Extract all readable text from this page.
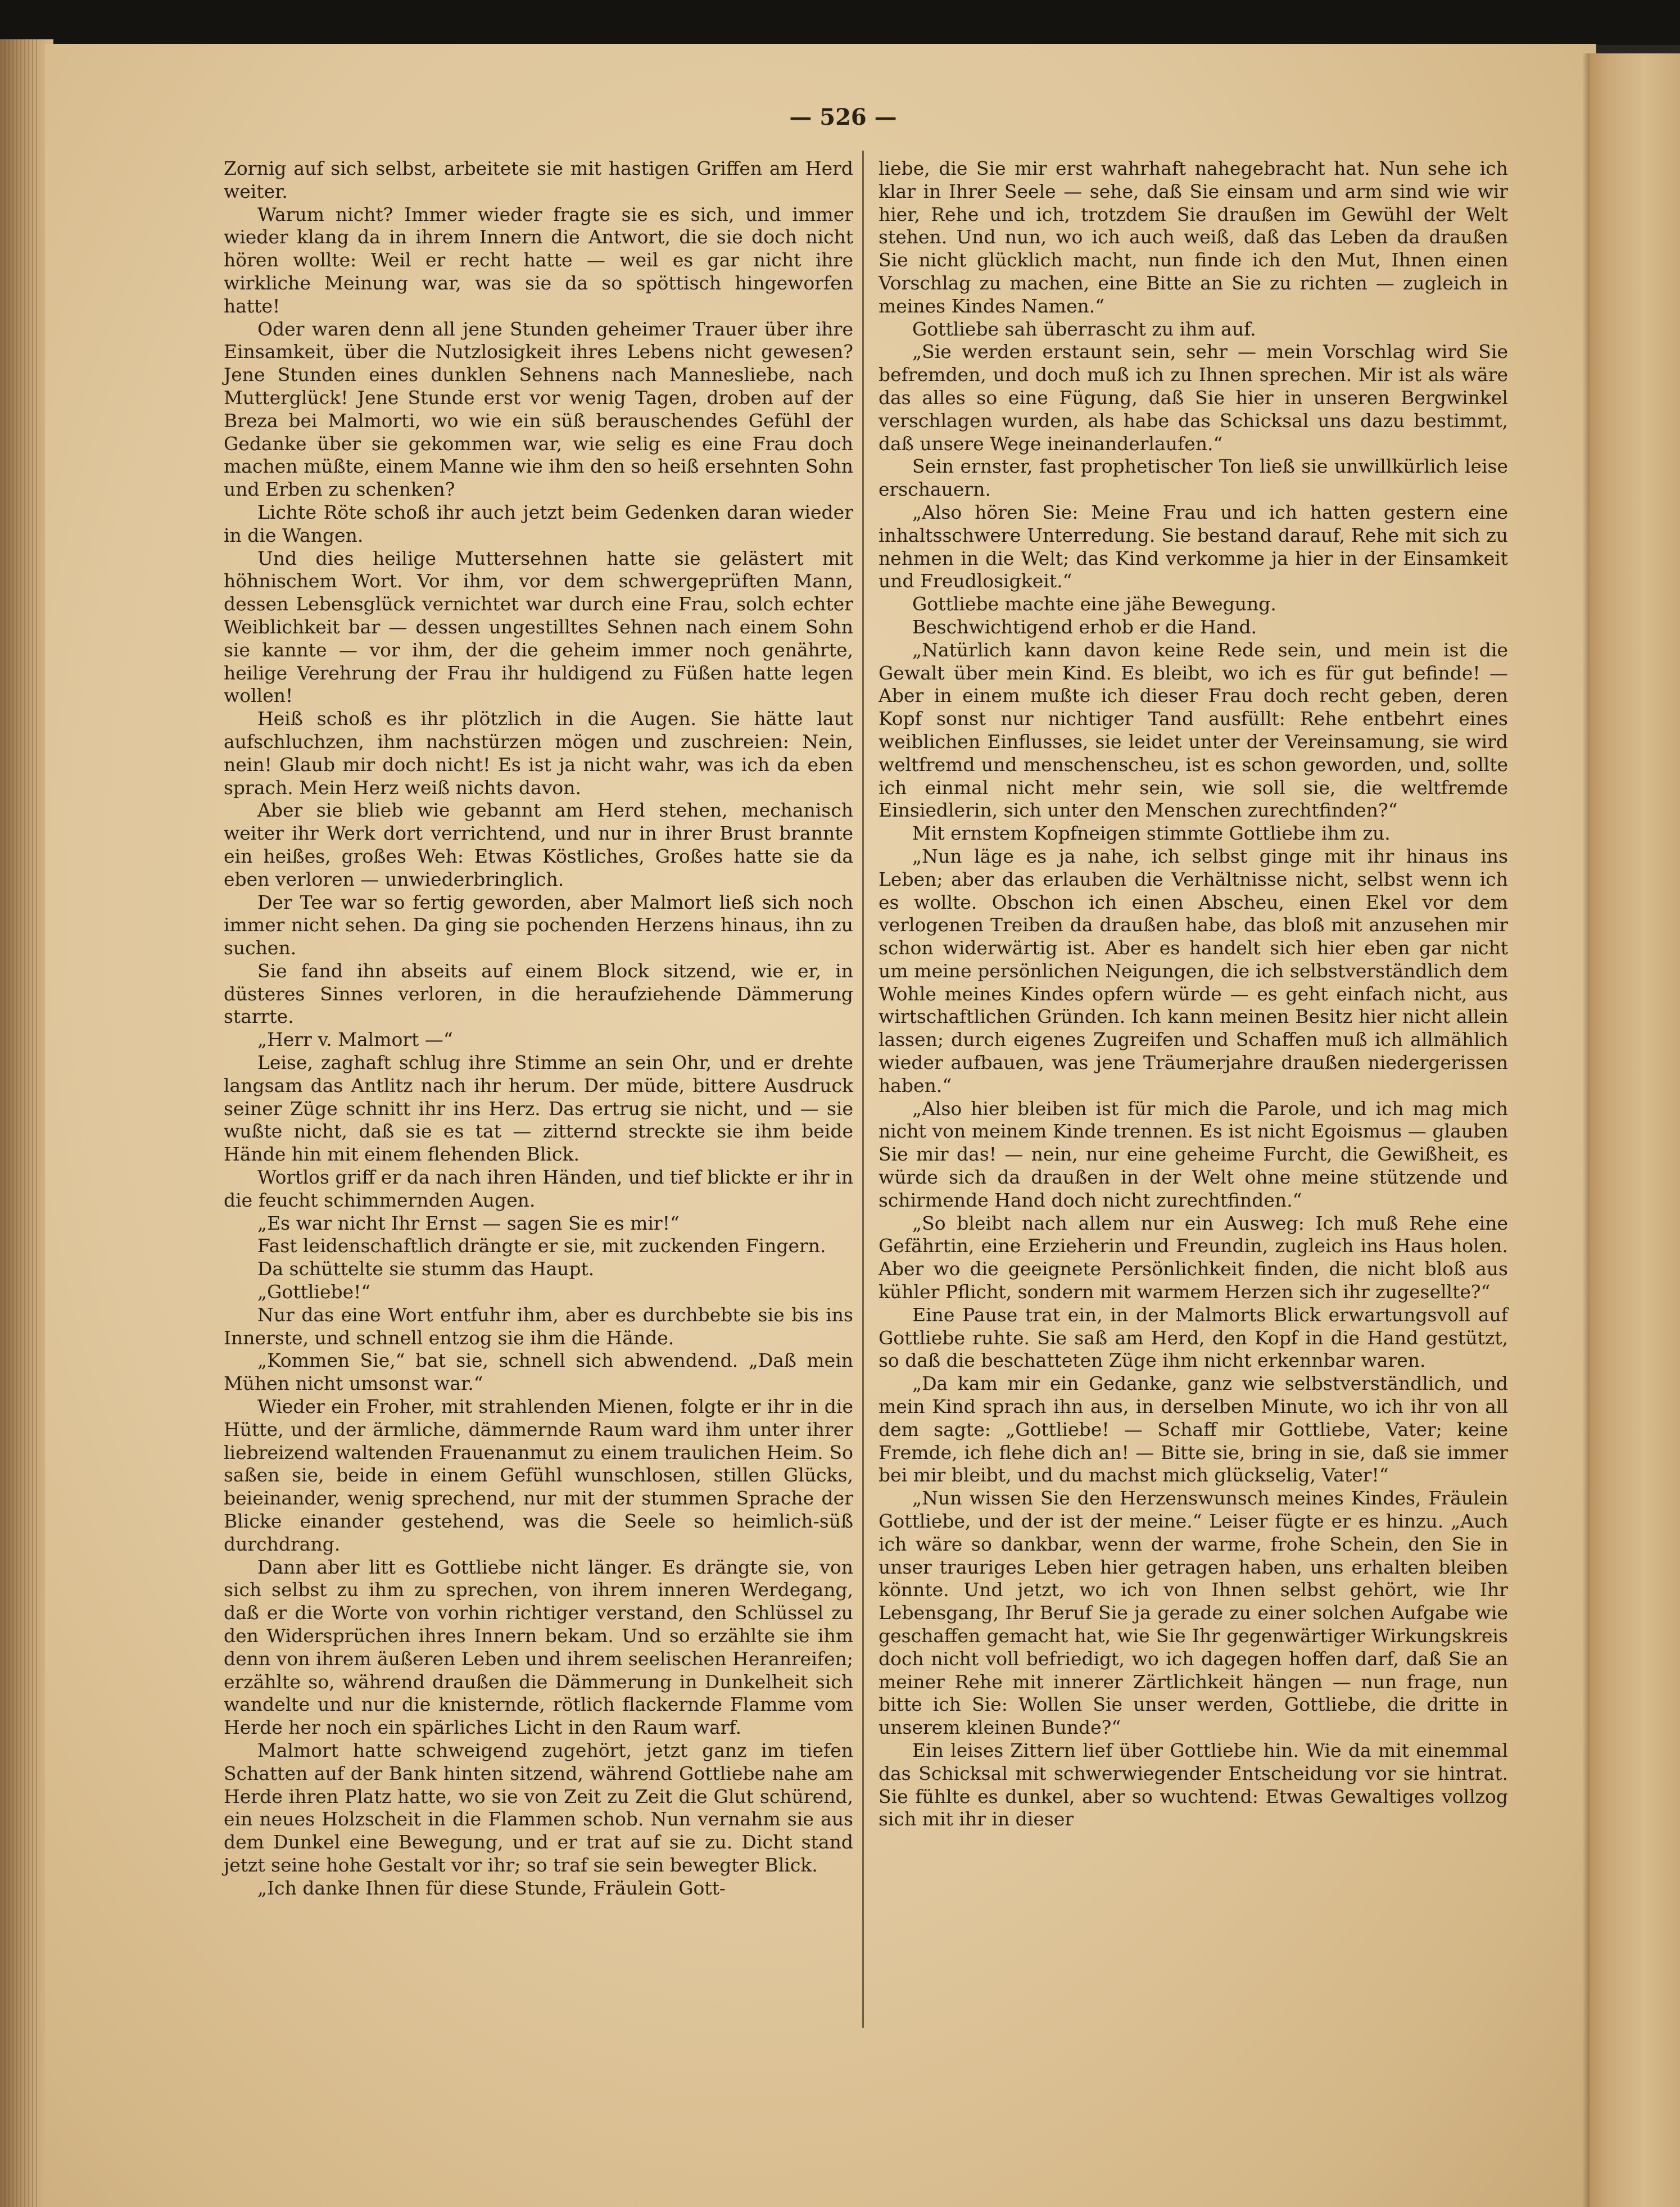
— 526 —

Zornig auf sich selbst, arbeitete sie mit hastigen Griffen am Herd weiter.

Warum nicht? Immer wieder fragte sie es sich, und immer wieder klang da in ihrem Innern die Antwort, die sie doch nicht hören wollte: Weil er recht hatte — weil es gar nicht ihre wirkliche Meinung war, was sie da so spöttisch hingeworfen hatte!

Oder waren denn all jene Stunden geheimer Trauer über ihre Einsamkeit, über die Nutzlosigkeit ihres Lebens nicht gewesen? Jene Stunden eines dunklen Sehnens nach Mannesliebe, nach Mutterglück! Jene Stunde erst vor wenig Tagen, droben auf der Breza bei Malmorti, wo wie ein süß berauschendes Gefühl der Gedanke über sie gekommen war, wie selig es eine Frau doch machen müßte, einem Manne wie ihm den so heiß ersehnten Sohn und Erben zu schenken?

Lichte Röte schoß ihr auch jetzt beim Gedenken daran wieder in die Wangen.

Und dies heilige Muttersehnen hatte sie gelästert mit höhnischem Wort. Vor ihm, vor dem schwergeprüften Mann, dessen Lebensglück vernichtet war durch eine Frau, solch echter Weiblichkeit bar — dessen ungestilltes Sehnen nach einem Sohn sie kannte — vor ihm, der die geheim immer noch genährte, heilige Verehrung der Frau ihr huldigend zu Füßen hatte legen wollen!

Heiß schoß es ihr plötzlich in die Augen. Sie hätte laut aufschluchzen, ihm nachstürzen mögen und zuschreien: Nein, nein! Glaub mir doch nicht! Es ist ja nicht wahr, was ich da eben sprach. Mein Herz weiß nichts davon.

Aber sie blieb wie gebannt am Herd stehen, mechanisch weiter ihr Werk dort verrichtend, und nur in ihrer Brust brannte ein heißes, großes Weh: Etwas Köstliches, Großes hatte sie da eben verloren — unwiederbringlich.

Der Tee war so fertig geworden, aber Malmort ließ sich noch immer nicht sehen. Da ging sie pochenden Herzens hinaus, ihn zu suchen.

Sie fand ihn abseits auf einem Block sitzend, wie er, in düsteres Sinnes verloren, in die heraufziehende Dämmerung starrte.

„Herr v. Malmort —“

Leise, zaghaft schlug ihre Stimme an sein Ohr, und er drehte langsam das Antlitz nach ihr herum. Der müde, bittere Ausdruck seiner Züge schnitt ihr ins Herz. Das ertrug sie nicht, und — sie wußte nicht, daß sie es tat — zitternd streckte sie ihm beide Hände hin mit einem flehenden Blick.

Wortlos griff er da nach ihren Händen, und tief blickte er ihr in die feucht schimmernden Augen.

„Es war nicht Ihr Ernst — sagen Sie es mir!“

Fast leidenschaftlich drängte er sie, mit zuckenden Fingern.

Da schüttelte sie stumm das Haupt.

„Gottliebe!“

Nur das eine Wort entfuhr ihm, aber es durchbebte sie bis ins Innerste, und schnell entzog sie ihm die Hände.

„Kommen Sie,“ bat sie, schnell sich abwendend. „Daß mein Mühen nicht umsonst war.“

Wieder ein Froher, mit strahlenden Mienen, folgte er ihr in die Hütte, und der ärmliche, dämmernde Raum ward ihm unter ihrer liebreizend waltenden Frauenanmut zu einem traulichen Heim. So saßen sie, beide in einem Gefühl wunschlosen, stillen Glücks, beieinander, wenig sprechend, nur mit der stummen Sprache der Blicke einander gestehend, was die Seele so heimlich-süß durchdrang.

Dann aber litt es Gottliebe nicht länger. Es drängte sie, von sich selbst zu ihm zu sprechen, von ihrem inneren Werdegang, daß er die Worte von vorhin richtiger verstand, den Schlüssel zu den Widersprüchen ihres Innern bekam. Und so erzählte sie ihm denn von ihrem äußeren Leben und ihrem seelischen Heranreifen; erzählte so, während draußen die Dämmerung in Dunkelheit sich wandelte und nur die knisternde, rötlich flackernde Flamme vom Herde her noch ein spärliches Licht in den Raum warf.

Malmort hatte schweigend zugehört, jetzt ganz im tiefen Schatten auf der Bank hinten sitzend, während Gottliebe nahe am Herde ihren Platz hatte, wo sie von Zeit zu Zeit die Glut schürend, ein neues Holzscheit in die Flammen schob. Nun vernahm sie aus dem Dunkel eine Bewegung, und er trat auf sie zu. Dicht stand jetzt seine hohe Gestalt vor ihr; so traf sie sein bewegter Blick.

„Ich danke Ihnen für diese Stunde, Fräulein Gott-

liebe, die Sie mir erst wahrhaft nahegebracht hat. Nun sehe ich klar in Ihrer Seele — sehe, daß Sie einsam und arm sind wie wir hier, Rehe und ich, trotzdem Sie draußen im Gewühl der Welt stehen. Und nun, wo ich auch weiß, daß das Leben da draußen Sie nicht glücklich macht, nun finde ich den Mut, Ihnen einen Vorschlag zu machen, eine Bitte an Sie zu richten — zugleich in meines Kindes Namen.“

Gottliebe sah überrascht zu ihm auf.

„Sie werden erstaunt sein, sehr — mein Vorschlag wird Sie befremden, und doch muß ich zu Ihnen sprechen. Mir ist als wäre das alles so eine Fügung, daß Sie hier in unseren Bergwinkel verschlagen wurden, als habe das Schicksal uns dazu bestimmt, daß unsere Wege ineinanderlaufen.“

Sein ernster, fast prophetischer Ton ließ sie unwillkürlich leise erschauern.

„Also hören Sie: Meine Frau und ich hatten gestern eine inhaltsschwere Unterredung. Sie bestand darauf, Rehe mit sich zu nehmen in die Welt; das Kind verkomme ja hier in der Einsamkeit und Freudlosigkeit.“

Gottliebe machte eine jähe Bewegung.

Beschwichtigend erhob er die Hand.

„Natürlich kann davon keine Rede sein, und mein ist die Gewalt über mein Kind. Es bleibt, wo ich es für gut befinde! — Aber in einem mußte ich dieser Frau doch recht geben, deren Kopf sonst nur nichtiger Tand ausfüllt: Rehe entbehrt eines weiblichen Einflusses, sie leidet unter der Vereinsamung, sie wird weltfremd und menschenscheu, ist es schon geworden, und, sollte ich einmal nicht mehr sein, wie soll sie, die weltfremde Einsiedlerin, sich unter den Menschen zurechtfinden?“

Mit ernstem Kopfneigen stimmte Gottliebe ihm zu.

„Nun läge es ja nahe, ich selbst ginge mit ihr hinaus ins Leben; aber das erlauben die Verhältnisse nicht, selbst wenn ich es wollte. Obschon ich einen Abscheu, einen Ekel vor dem verlogenen Treiben da draußen habe, das bloß mit anzusehen mir schon widerwärtig ist. Aber es handelt sich hier eben gar nicht um meine persönlichen Neigungen, die ich selbstverständlich dem Wohle meines Kindes opfern würde — es geht einfach nicht, aus wirtschaftlichen Gründen. Ich kann meinen Besitz hier nicht allein lassen; durch eigenes Zugreifen und Schaffen muß ich allmählich wieder aufbauen, was jene Träumerjahre draußen niedergerissen haben.“

„Also hier bleiben ist für mich die Parole, und ich mag mich nicht von meinem Kinde trennen. Es ist nicht Egoismus — glauben Sie mir das! — nein, nur eine geheime Furcht, die Gewißheit, es würde sich da draußen in der Welt ohne meine stützende und schirmende Hand doch nicht zurechtfinden.“

„So bleibt nach allem nur ein Ausweg: Ich muß Rehe eine Gefährtin, eine Erzieherin und Freundin, zugleich ins Haus holen. Aber wo die geeignete Persönlichkeit finden, die nicht bloß aus kühler Pflicht, sondern mit warmem Herzen sich ihr zugesellte?“

Eine Pause trat ein, in der Malmorts Blick erwartungsvoll auf Gottliebe ruhte. Sie saß am Herd, den Kopf in die Hand gestützt, so daß die beschatteten Züge ihm nicht erkennbar waren.

„Da kam mir ein Gedanke, ganz wie selbstverständlich, und mein Kind sprach ihn aus, in derselben Minute, wo ich ihr von all dem sagte: „Gottliebe! — Schaff mir Gottliebe, Vater; keine Fremde, ich flehe dich an! — Bitte sie, bring in sie, daß sie immer bei mir bleibt, und du machst mich glückselig, Vater!“

„Nun wissen Sie den Herzenswunsch meines Kindes, Fräulein Gottliebe, und der ist der meine.“ Leiser fügte er es hinzu. „Auch ich wäre so dankbar, wenn der warme, frohe Schein, den Sie in unser trauriges Leben hier getragen haben, uns erhalten bleiben könnte. Und jetzt, wo ich von Ihnen selbst gehört, wie Ihr Lebensgang, Ihr Beruf Sie ja gerade zu einer solchen Aufgabe wie geschaffen gemacht hat, wie Sie Ihr gegenwärtiger Wirkungskreis doch nicht voll befriedigt, wo ich dagegen hoffen darf, daß Sie an meiner Rehe mit innerer Zärtlichkeit hängen — nun frage, nun bitte ich Sie: Wollen Sie unser werden, Gottliebe, die dritte in unserem kleinen Bunde?“

Ein leises Zittern lief über Gottliebe hin. Wie da mit einemmal das Schicksal mit schwerwiegender Entscheidung vor sie hintrat. Sie fühlte es dunkel, aber so wuchtend: Etwas Gewaltiges vollzog sich mit ihr in dieser
